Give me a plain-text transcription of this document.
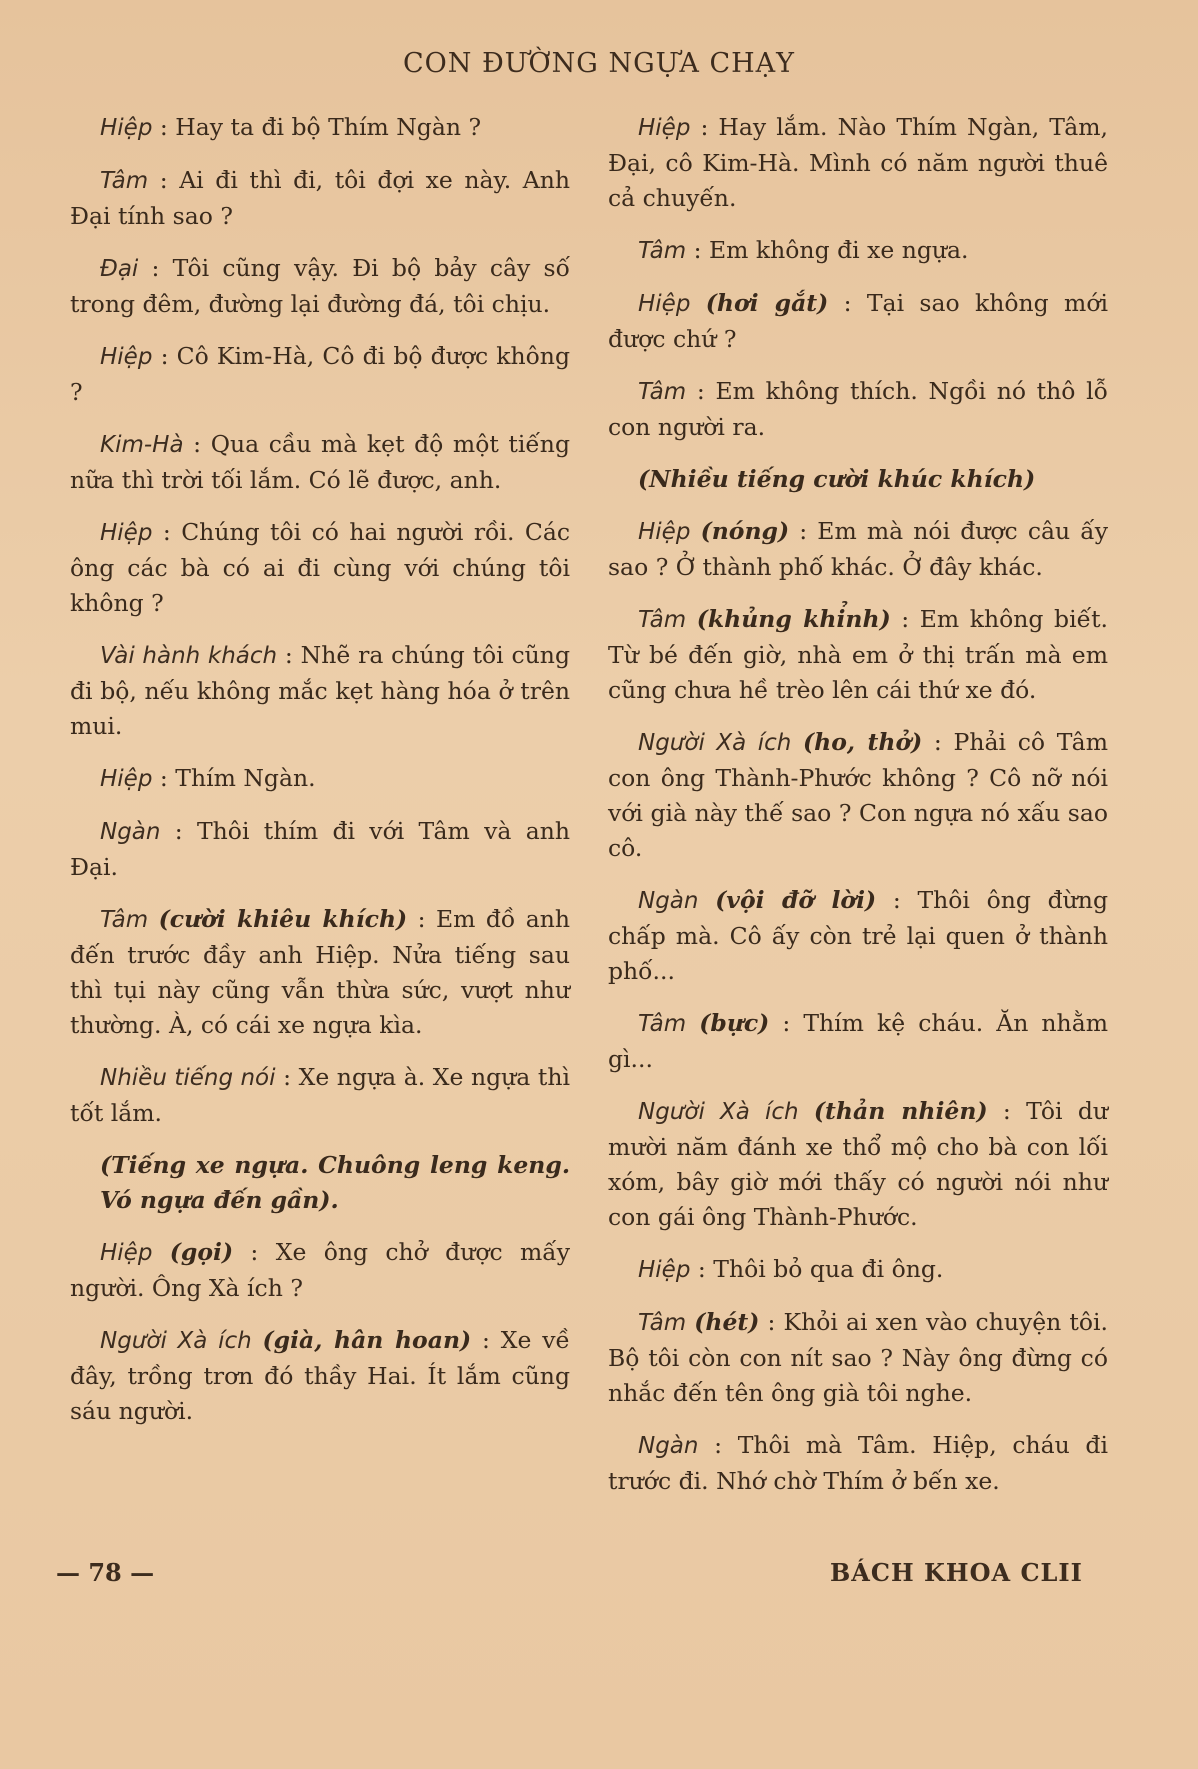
CON ĐƯỜNG NGỰA CHẠY

Hiệp : Hay ta đi bộ Thím Ngàn ?

Tâm : Ai đi thì đi, tôi đợi xe này. Anh Đại tính sao ?

Đại : Tôi cũng vậy. Đi bộ bảy cây số trong đêm, đường lại đường đá, tôi chịu.

Hiệp : Cô Kim-Hà, Cô đi bộ được không ?

Kim-Hà : Qua cầu mà kẹt độ một tiếng nữa thì trời tối lắm. Có lẽ được, anh.

Hiệp : Chúng tôi có hai người rồi. Các ông các bà có ai đi cùng với chúng tôi không ?

Vài hành khách : Nhẽ ra chúng tôi cũng đi bộ, nếu không mắc kẹt hàng hóa ở trên mui.

Hiệp : Thím Ngàn.

Ngàn : Thôi thím đi với Tâm và anh Đại.

Tâm (cười khiêu khích) : Em đồ anh đến trước đầy anh Hiệp. Nửa tiếng sau thì tụi này cũng vẫn thừa sức, vượt như thường. À, có cái xe ngựa kìa.

Nhiều tiếng nói : Xe ngựa à. Xe ngựa thì tốt lắm.

(Tiếng xe ngựa. Chuông leng keng. Vó ngựa đến gần).

Hiệp (gọi) : Xe ông chở được mấy người. Ông Xà ích ?

Người Xà ích (già, hân hoan) : Xe về đây, trồng trơn đó thầy Hai. Ít lắm cũng sáu người.

Hiệp : Hay lắm. Nào Thím Ngàn, Tâm, Đại, cô Kim-Hà. Mình có năm người thuê cả chuyến.

Tâm : Em không đi xe ngựa.

Hiệp (hơi gắt) : Tại sao không mới được chứ ?

Tâm : Em không thích. Ngồi nó thô lỗ con người ra.

(Nhiều tiếng cười khúc khích)

Hiệp (nóng) : Em mà nói được câu ấy sao ? Ở thành phố khác. Ở đây khác.

Tâm (khủng khỉnh) : Em không biết. Từ bé đến giờ, nhà em ở thị trấn mà em cũng chưa hề trèo lên cái thứ xe đó.

Người Xà ích (ho, thở) : Phải cô Tâm con ông Thành-Phước không ? Cô nỡ nói với già này thế sao ? Con ngựa nó xấu sao cô.

Ngàn (vội đỡ lời) : Thôi ông đừng chấp mà. Cô ấy còn trẻ lại quen ở thành phố...

Tâm (bực) : Thím kệ cháu. Ăn nhằm gì...

Người Xà ích (thản nhiên) : Tôi dư mười năm đánh xe thổ mộ cho bà con lối xóm, bây giờ mới thấy có người nói như con gái ông Thành-Phước.

Hiệp : Thôi bỏ qua đi ông.

Tâm (hét) : Khỏi ai xen vào chuyện tôi. Bộ tôi còn con nít sao ? Này ông đừng có nhắc đến tên ông già tôi nghe.

Ngàn : Thôi mà Tâm. Hiệp, cháu đi trước đi. Nhớ chờ Thím ở bến xe.

— 78 —	BÁCH KHOA CLII
